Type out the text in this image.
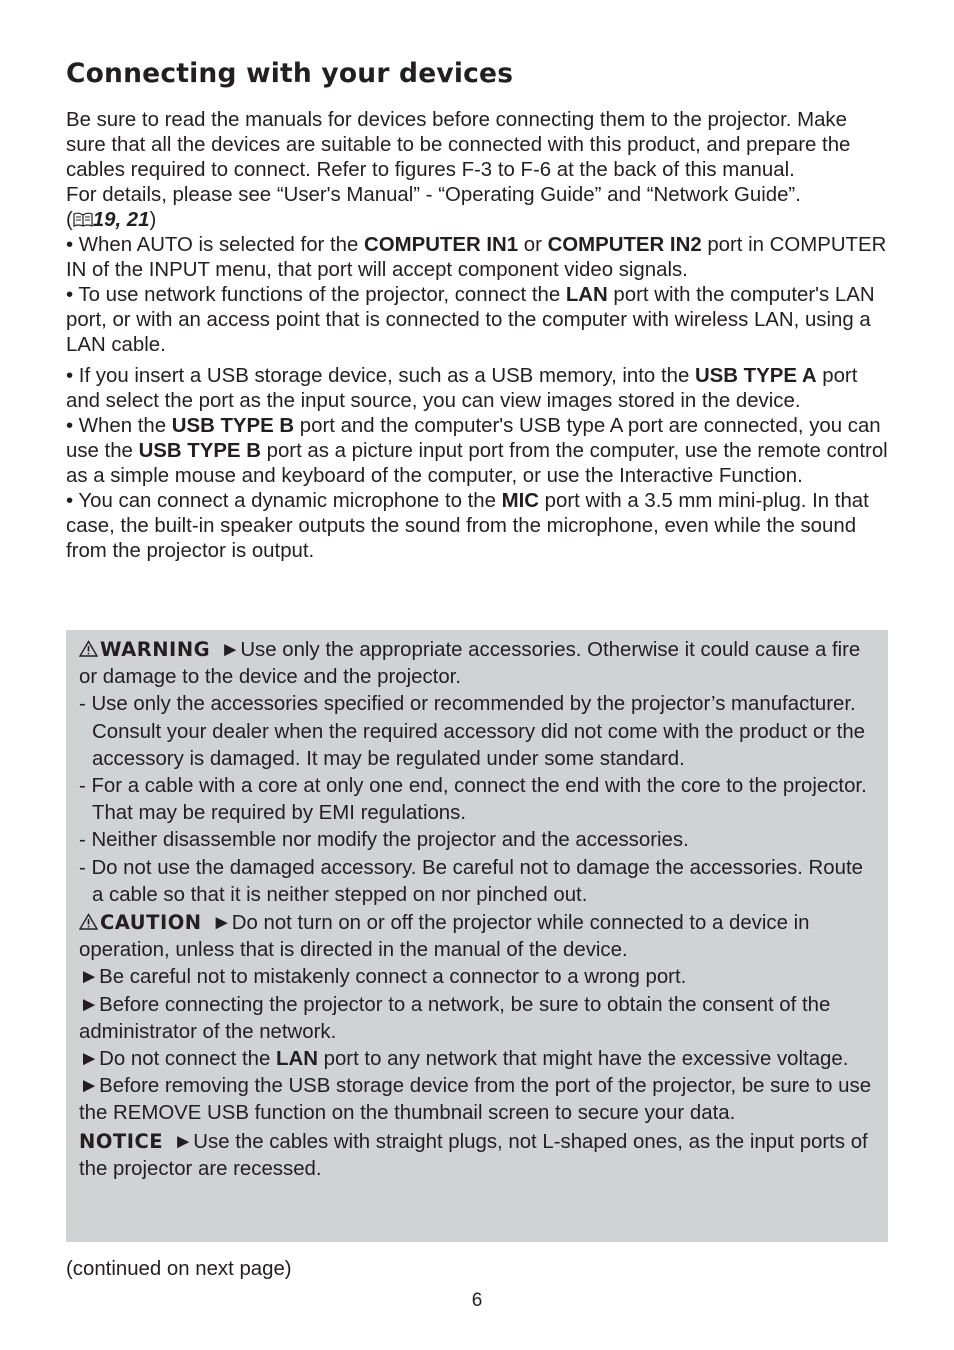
Connecting with your devices

Be sure to read the manuals for devices before connecting them to the projector. Make sure that all the devices are suitable to be connected with this product, and prepare the cables required to connect. Refer to figures F-3 to F-6 at the back of this manual.

For details, please see “User's Manual” - “Operating Guide” and “Network Guide”.
( 19, 21)

• When AUTO is selected for the COMPUTER IN1 or COMPUTER IN2 port in COMPUTER IN of the INPUT menu, that port will accept component video signals.

• To use network functions of the projector, connect the LAN port with the computer's LAN port, or with an access point that is connected to the computer with wireless LAN, using a LAN cable.

• If you insert a USB storage device, such as a USB memory, into the USB TYPE A port and select the port as the input source, you can view images stored in the device.

• When the USB TYPE B port and the computer's USB type A port are connected, you can use the USB TYPE B port as a picture input port from the computer, use the remote control as a simple mouse and keyboard of the computer, or use the Interactive Function.

• You can connect a dynamic microphone to the MIC port with a 3.5 mm mini-plug. In that case, the built-in speaker outputs the sound from the microphone, even while the sound from the projector is output.

WARNING ►Use only the appropriate accessories. Otherwise it could cause a fire or damage to the device and the projector.

- Use only the accessories specified or recommended by the projector’s manufacturer. Consult your dealer when the required accessory did not come with the product or the accessory is damaged. It may be regulated under some standard.

- For a cable with a core at only one end, connect the end with the core to the projector. That may be required by EMI regulations.

- Neither disassemble nor modify the projector and the accessories.

- Do not use the damaged accessory. Be careful not to damage the accessories. Route a cable so that it is neither stepped on nor pinched out.

CAUTION ►Do not turn on or off the projector while connected to a device in operation, unless that is directed in the manual of the device.

►Be careful not to mistakenly connect a connector to a wrong port.

►Before connecting the projector to a network, be sure to obtain the consent of the administrator of the network.

►Do not connect the LAN port to any network that might have the excessive voltage.

►Before removing the USB storage device from the port of the projector, be sure to use the REMOVE USB function on the thumbnail screen to secure your data.

NOTICE ►Use the cables with straight plugs, not L-shaped ones, as the input ports of the projector are recessed.

(continued on next page)
6
